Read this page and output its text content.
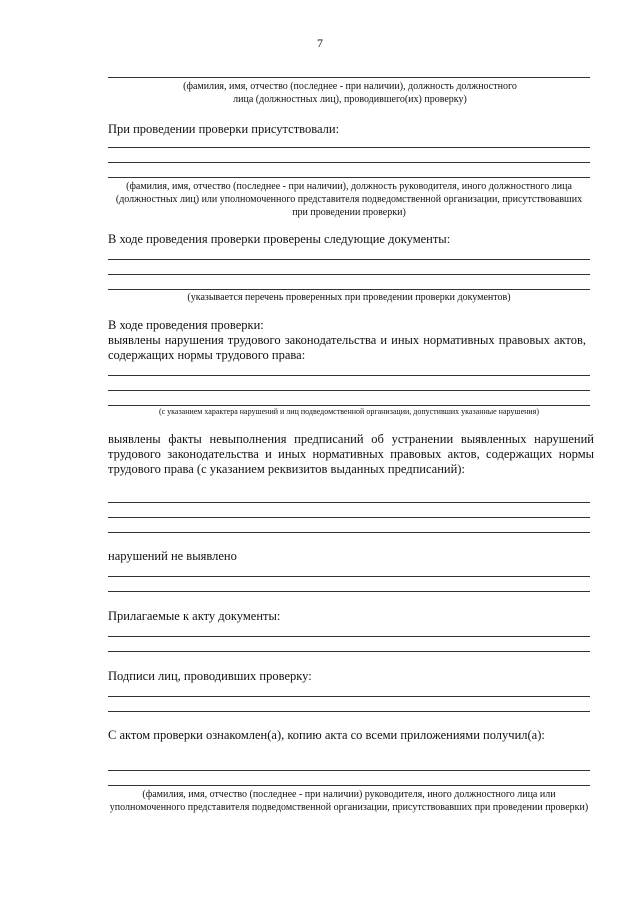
7
(фамилия, имя, отчество (последнее - при наличии), должность должностного лица (должностных лиц), проводившего(их) проверку)
При проведении проверки присутствовали:
(фамилия, имя, отчество (последнее - при наличии), должность руководителя, иного должностного лица (должностных лиц) или уполномоченного представителя подведомственной организации, присутствовавших при проведении проверки)
В ходе проведения проверки проверены следующие документы:
(указывается перечень проверенных при проведении проверки документов)
В ходе проведения проверки:
выявлены нарушения трудового законодательства и иных нормативных правовых актов, содержащих нормы трудового права:
(с указанием характера нарушений и лиц подведомственной организации, допустивших указанные нарушения)
выявлены факты невыполнения предписаний об устранении выявленных нарушений трудового законодательства и иных нормативных правовых актов, содержащих нормы трудового права (с указанием реквизитов выданных предписаний):
нарушений не выявлено
Прилагаемые к акту документы:
Подписи лиц, проводивших проверку:
С актом проверки ознакомлен(а), копию акта со всеми приложениями получил(а):
(фамилия, имя, отчество (последнее - при наличии) руководителя, иного должностного лица или уполномоченного представителя подведомственной организации, присутствовавших при проведении проверки)
